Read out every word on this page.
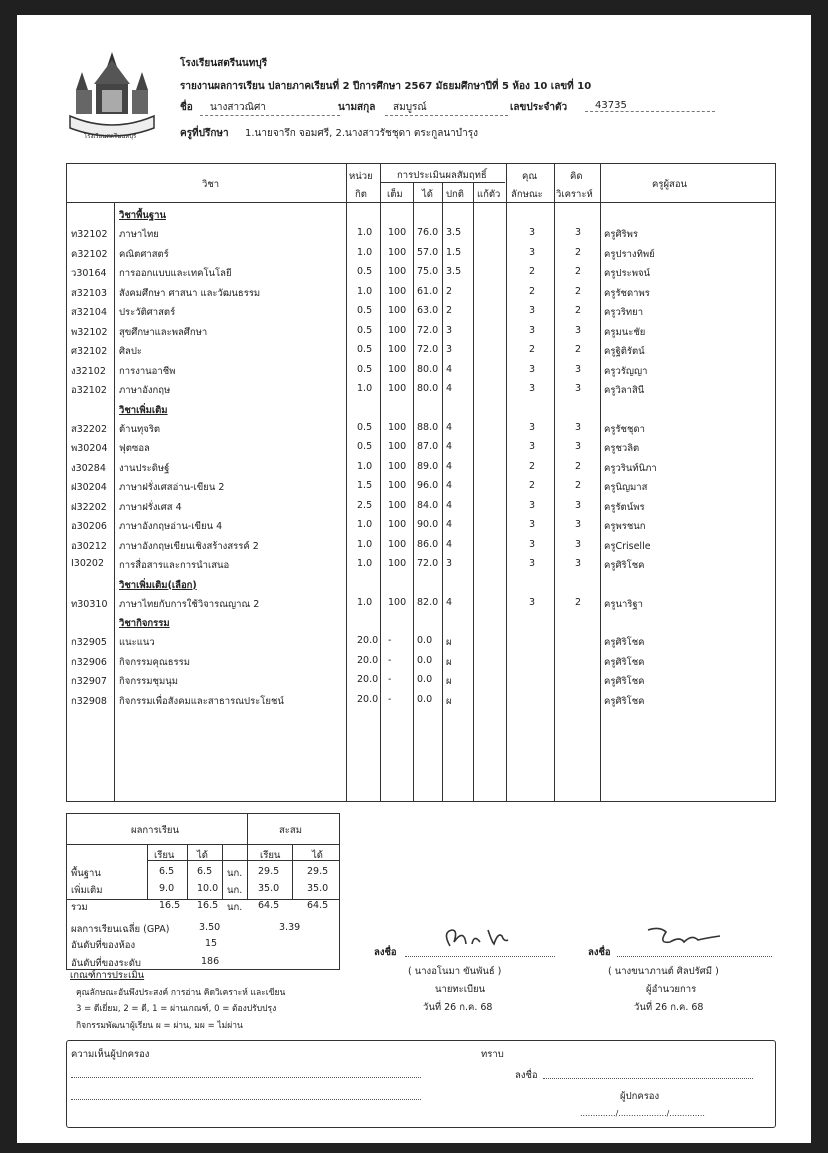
โรงเรียนสตรีนนทบุรี
โรงเรียนสตรีนนทบุรี
รายงานผลการเรียน ปลายภาคเรียนที่ 2 ปีการศึกษา 2567 มัธยมศึกษาปีที่ 5 ห้อง 10 เลขที่ 10
ชื่อ	นางสาวณิศา	นามสกุล	สมบูรณ์	เลขประจำตัว	43735
ครูที่ปรึกษา 1.นายจารึก จอมศรี, 2.นางสาวรัชชุดา ตระกูลนาบำรุง
วิชา
หน่วย
กิต
การประเมินผลสัมฤทธิ์
เต็ม ได้ ปกติ แก้ตัว
คุณ
ลักษณะ
คิด
วิเคราะห์
ครูผู้สอน
วิชาพื้นฐาน
ท32102 ภาษาไทย	1.0 100 76.0 3.5	3	3 ครูศิริพร
ค32102 คณิตศาสตร์	1.0 100 57.0 1.5	3	2 ครูปรางทิพย์
ว30164 การออกแบบและเทคโนโลยี	0.5 100 75.0 3.5	2	2 ครูประพจน์
ส32103 สังคมศึกษา ศาสนา และวัฒนธรรม	1.0 100 61.0 2	2	2 ครูรัชดาพร
ส32104 ประวัติศาสตร์	0.5 100 63.0 2	3	2 ครูวริทยา
พ32102 สุขศึกษาและพลศึกษา	0.5 100 72.0 3	3	3 ครูมนะชัย
ศ32102 ศิลปะ	0.5 100 72.0 3	2	2 ครูฐิติรัตน์
ง32102 การงานอาชีพ	0.5 100 80.0 4	3	3 ครูวรัญญา
อ32102 ภาษาอังกฤษ	1.0 100 80.0 4	3	3 ครูวิลาสินี
วิชาเพิ่มเติม
ส32202 ต้านทุจริต	0.5 100 88.0 4	3	3 ครูรัชชุดา
พ30204 ฟุตซอล	0.5 100 87.0 4	3	3 ครูชวลิต
ง30284 งานประดิษฐ์	1.0 100 89.0 4	2	2 ครูวรินท์นิภา
ฝ30204 ภาษาฝรั่งเศสอ่าน-เขียน 2	1.5 100 96.0 4	2	2 ครูนิญมาส
ฝ32202 ภาษาฝรั่งเศส 4	2.5 100 84.0 4	3	3 ครูรัตน์พร
อ30206 ภาษาอังกฤษอ่าน-เขียน 4	1.0 100 90.0 4	3	3 ครูพรชนก
อ30212 ภาษาอังกฤษเขียนเชิงสร้างสรรค์ 2	1.0 100 86.0 4	3	3 ครูCriselle
I30202 การสื่อสารและการนำเสนอ	1.0 100 72.0 3	3	3 ครูศิริโชค
วิชาเพิ่มเติม(เลือก)
ท30310 ภาษาไทยกับการใช้วิจารณญาณ 2	1.0 100 82.0 4	3	2 ครูนาริฐา
วิชากิจกรรม
ก32905 แนะแนว	20.0 -	0.0 ผ	ครูศิริโชค
ก32906 กิจกรรมคุณธรรม	20.0 -	0.0 ผ	ครูศิริโชค
ก32907 กิจกรรมชุมนุม	20.0 -	0.0 ผ	ครูศิริโชค
ก32908 กิจกรรมเพื่อสังคมและสาธารณประโยชน์	20.0 -	0.0 ผ	ครูศิริโชค
ผลการเรียน	สะสม
เรียน ได้	เรียน	ได้
พื้นฐาน	6.5 6.5 นก. 29.5	29.5
เพิ่มเติม	9.0 10.0 นก. 35.0	35.0
รวม	16.5 16.5 นก. 64.5	64.5
ผลการเรียนเฉลี่ย (GPA)	3.50	3.39
อันดับที่ของห้อง	15
อันดับที่ของระดับ	186
เกณฑ์การประเมิน
คุณลักษณะอันพึงประสงค์ การอ่าน คิดวิเคราะห์ และเขียน
3 = ดีเยี่ยม, 2 = ดี, 1 = ผ่านเกณฑ์, 0 = ต้องปรับปรุง
กิจกรรมพัฒนาผู้เรียน ผ = ผ่าน, มผ = ไม่ผ่าน
ลงชื่อ
( นางอโนมา ขันพันธ์ )
นายทะเบียน
วันที่ 26 ก.ค. 68
ลงชื่อ
( นางขนาภานต์ ศิลปรัศมี )
ผู้อำนวยการ
วันที่ 26 ก.ค. 68
ความเห็นผู้ปกครอง	ทราบ
ลงชื่อ
ผู้ปกครอง
............../.................../..............
